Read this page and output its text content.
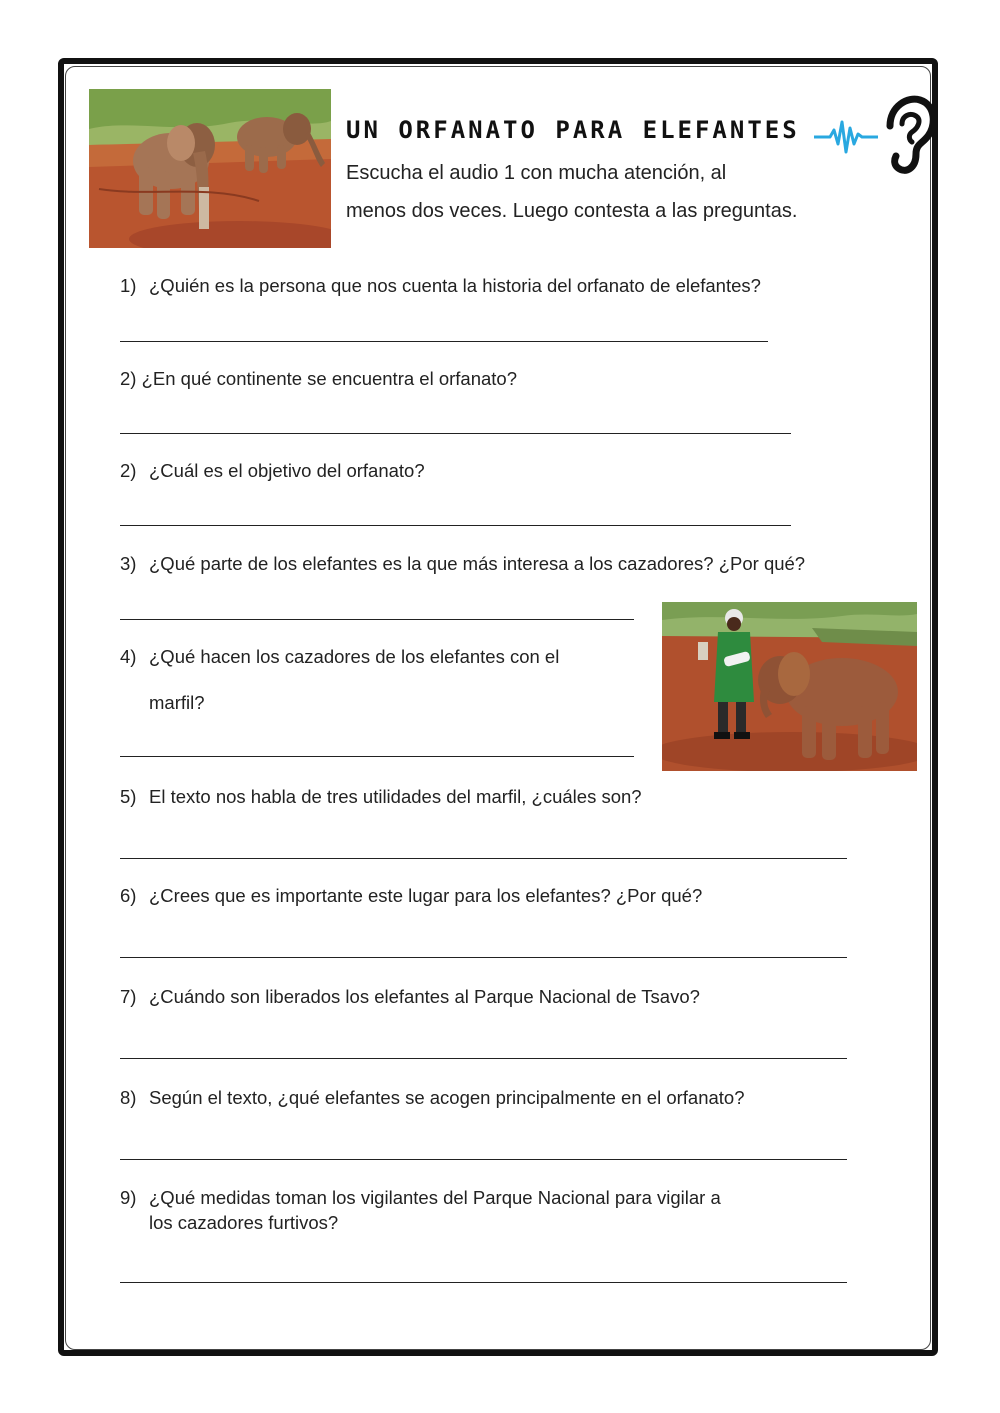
UN ORFANATO PARA ELEFANTES
Escucha el audio 1 con mucha atención, al
menos dos veces. Luego contesta a las preguntas.
1) ¿Quién es la persona que nos cuenta la historia del orfanato de elefantes?
2) ¿En qué continente se encuentra el orfanato?
2) ¿Cuál es el objetivo del orfanato?
3) ¿Qué parte de los elefantes es la que más interesa a los cazadores? ¿Por qué?
4) ¿Qué hacen los cazadores de los elefantes con el
marfil?
5) El texto nos habla de tres utilidades del marfil, ¿cuáles son?
6) ¿Crees que es importante este lugar para los elefantes? ¿Por qué?
7) ¿Cuándo son liberados los elefantes al Parque Nacional de Tsavo?
8) Según el texto, ¿qué elefantes se acogen principalmente en el orfanato?
9) ¿Qué medidas toman los vigilantes del Parque Nacional para vigilar a
los cazadores furtivos?
